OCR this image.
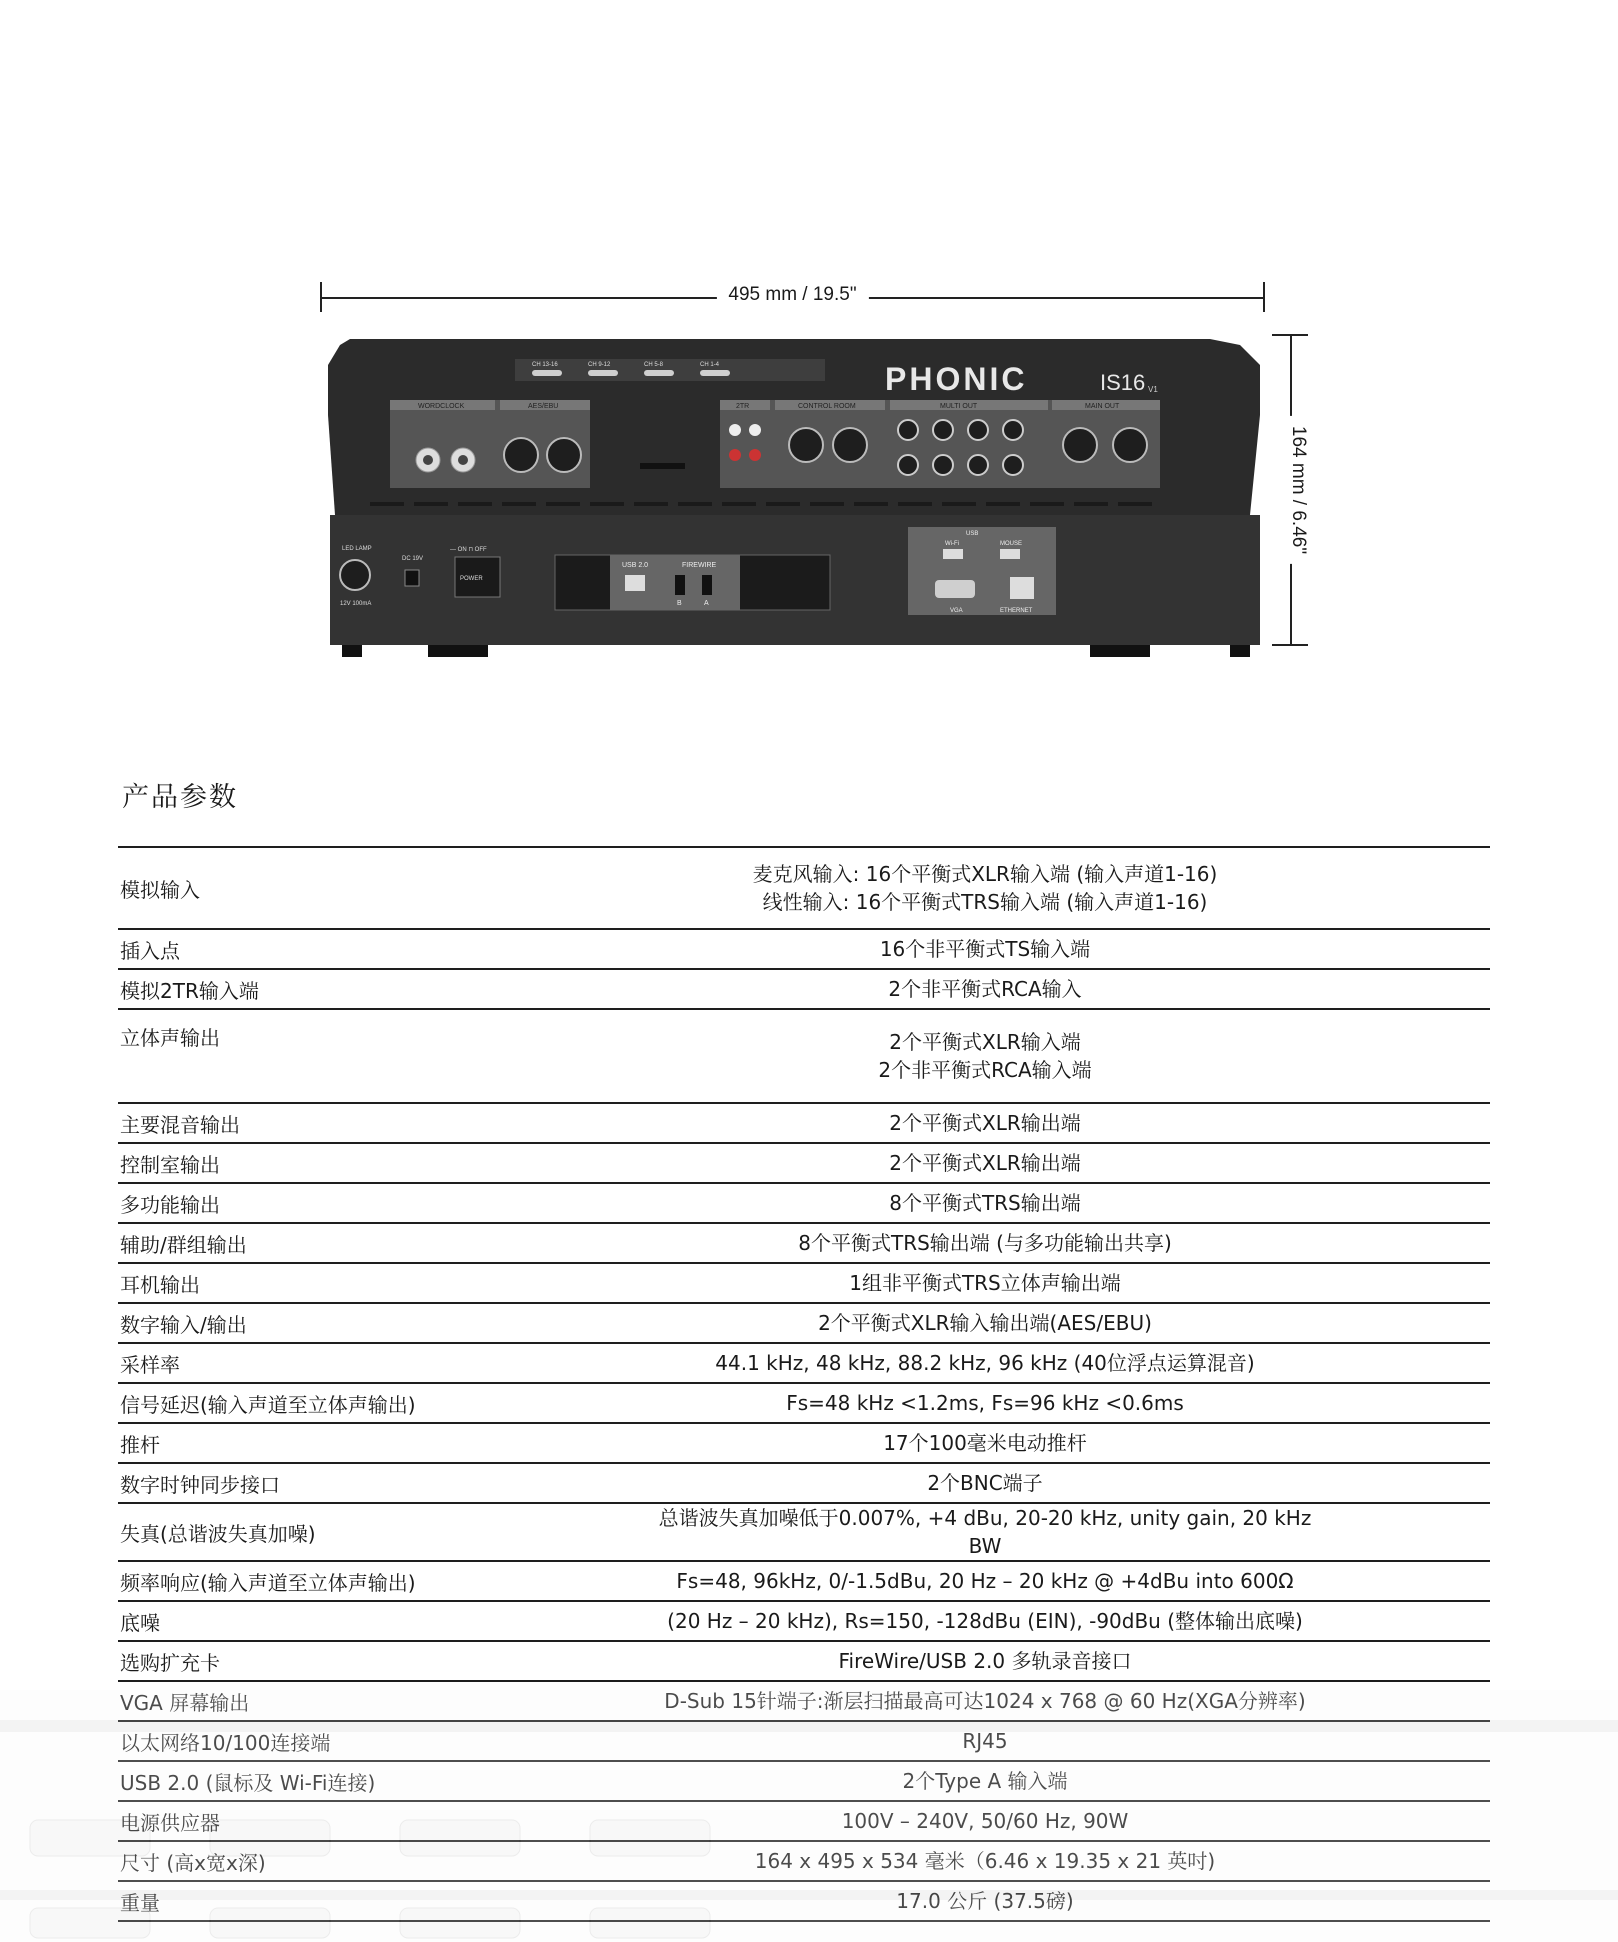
495 mm / 19.5"
164 mm / 6.46"
PHONIC	IS16 V1
CH 13-16	CH 9-12	CH 5-8	CH 1-4
WORDCLOCK	AES/EBU	2TR	CONTROL ROOM	MULTI OUT	MAIN OUT
LED LAMP
12V 100mA
DC 19V
POWER
— ON ⊓ OFF
USB 2.0	FIREWIRE
B	A
USB
Wi-Fi	MOUSE
VGA	ETHERNET
产品参数
模拟输入	麦克风输入: 16个平衡式XLR输入端 (输入声道1-16)
线性输入: 16个平衡式TRS输入端 (输入声道1-16)
插入点	16个非平衡式TS输入端
模拟2TR输入端	2个非平衡式RCA输入
立体声输出	2个平衡式XLR输入端
2个非平衡式RCA输入端
主要混音输出	2个平衡式XLR输出端
控制室输出	2个平衡式XLR输出端
多功能输出	8个平衡式TRS输出端
辅助/群组输出	8个平衡式TRS输出端 (与多功能输出共享)
耳机输出	1组非平衡式TRS立体声输出端
数字输入/输出	2个平衡式XLR输入输出端(AES/EBU)
采样率	44.1 kHz, 48 kHz, 88.2 kHz, 96 kHz (40位浮点运算混音)
信号延迟(输入声道至立体声输出)	Fs=48 kHz <1.2ms, Fs=96 kHz <0.6ms
推杆	17个100毫米电动推杆
数字时钟同步接口	2个BNC端子
失真(总谐波失真加噪)	总谐波失真加噪低于0.007%, +4 dBu, 20-20 kHz, unity gain, 20 kHz BW
频率响应(输入声道至立体声输出)	Fs=48, 96kHz, 0/-1.5dBu, 20 Hz – 20 kHz @ +4dBu into 600Ω
底噪	(20 Hz – 20 kHz), Rs=150, -128dBu (EIN), -90dBu (整体输出底噪)
选购扩充卡	FireWire/USB 2.0 多轨录音接口
VGA 屏幕输出	D-Sub 15针端子:渐层扫描最高可达1024 x 768 @ 60 Hz(XGA分辨率)
以太网络10/100连接端	RJ45
USB 2.0 (鼠标及 Wi-Fi连接)	2个Type A 输入端
电源供应器	100V – 240V, 50/60 Hz, 90W
尺寸 (高x宽x深)	164 x 495 x 534 毫米（6.46 x 19.35 x 21 英吋)
重量	17.0 公斤 (37.5磅)
